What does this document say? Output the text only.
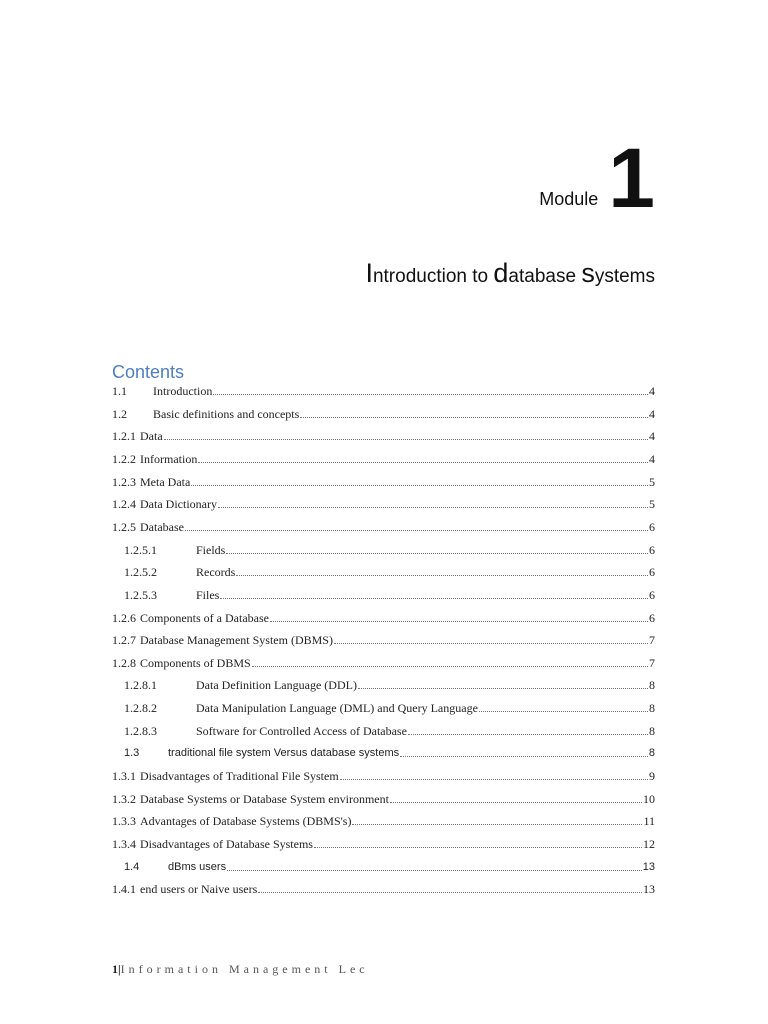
Module 1
Introduction to database systems
Contents
1.1	Introduction	4
1.2	Basic definitions and concepts	4
1.2.1 Data	4
1.2.2 Information	4
1.2.3 Meta Data	5
1.2.4 Data Dictionary	5
1.2.5 Database	6
1.2.5.1	Fields	6
1.2.5.2	Records	6
1.2.5.3	Files	6
1.2.6 Components of a Database	6
1.2.7 Database Management System (DBMS)	7
1.2.8 Components of DBMS	7
1.2.8.1	Data Definition Language (DDL)	8
1.2.8.2	Data Manipulation Language (DML) and Query Language	8
1.2.8.3	Software for Controlled Access of Database	8
1.3	traditional file system Versus database systems	8
1.3.1 Disadvantages of Traditional File System	9
1.3.2 Database Systems or Database System environment	10
1.3.3 Advantages of Database Systems (DBMS's)	11
1.3.4 Disadvantages of Database Systems	12
1.4	dBms users	13
1.4.1 end users or Naive users	13
1|Information Management Lec
